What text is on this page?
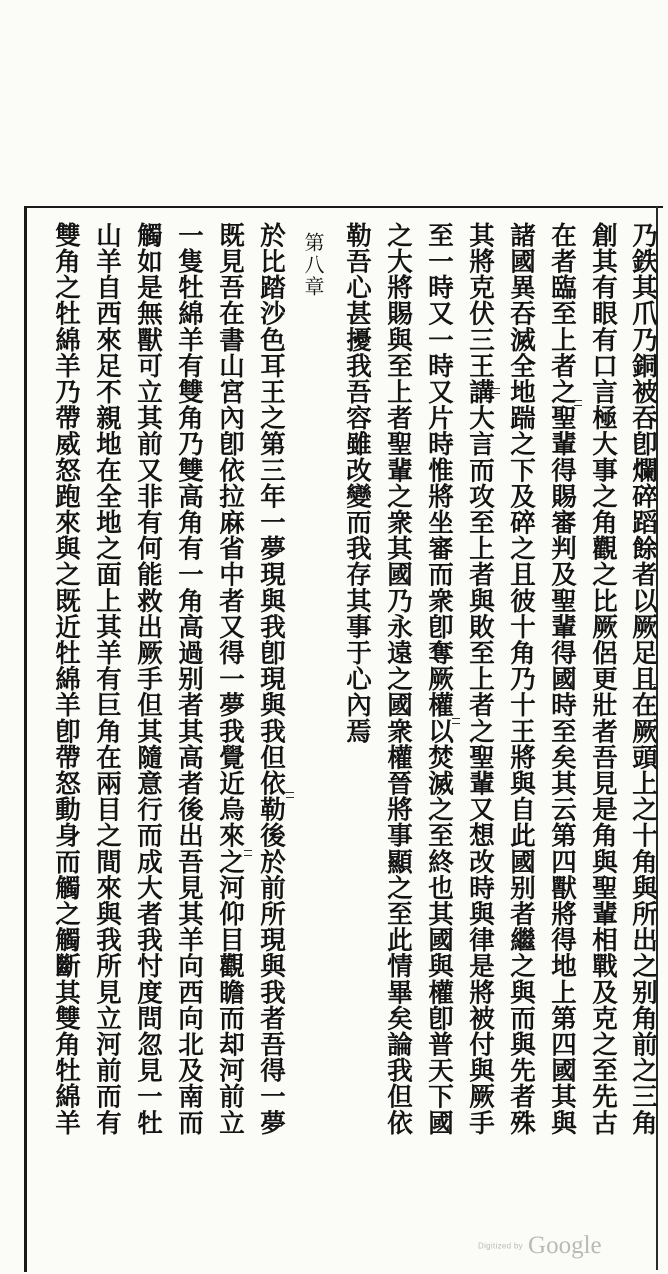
乃鉄其爪乃銅被吞卽爛碎蹈餘者以厥足且在厥頭上之十角與所出之别角前之三角
創其有眼有口言極大事之角觀之比厥侶更壯者吾見是角與聖輩相戰及克之至先古
在者臨至上者之聖輩得賜審判及聖輩得國時至矣其云第四獸將得地上第四國其與
諸國異吞滅全地踹之下及碎之且彼十角乃十王將與自此國别者繼之與而與先者殊
其將克伏三王講大言而攻至上者與敗至上者之聖輩又想改時與律是將被付與厥手
至一時又一時又片時惟將坐審而衆卽奪厥權以焚滅之至終也其國與權卽普天下國
之大將賜與至上者聖輩之衆其國乃永遠之國衆權晉將事顯之至此情畢矣論我但依
勒吾心甚擾我吾容雖改變而我存其事于心內焉
第八章
於比踏沙色耳王之第三年一夢現與我卽現與我但依勒後於前所現與我者吾得一夢
既見吾在書山宮內卽依拉麻省中者又得一夢我覺近烏來之河仰目觀瞻而却河前立
一隻牡綿羊有雙角乃雙高角有一角高過别者其高者後出吾見其羊向西向北及南而
觸如是無獸可立其前又非有何能救出厥手但其隨意行而成大者我忖度問忽見一牡
山羊自西來足不親地在全地之面上其羊有巨角在兩目之間來與我所見立河前而有
雙角之牡綿羊乃帶威怒跑來與之既近牡綿羊卽帶怒動身而觸之觸斷其雙角牡綿羊
Digitized by Google
